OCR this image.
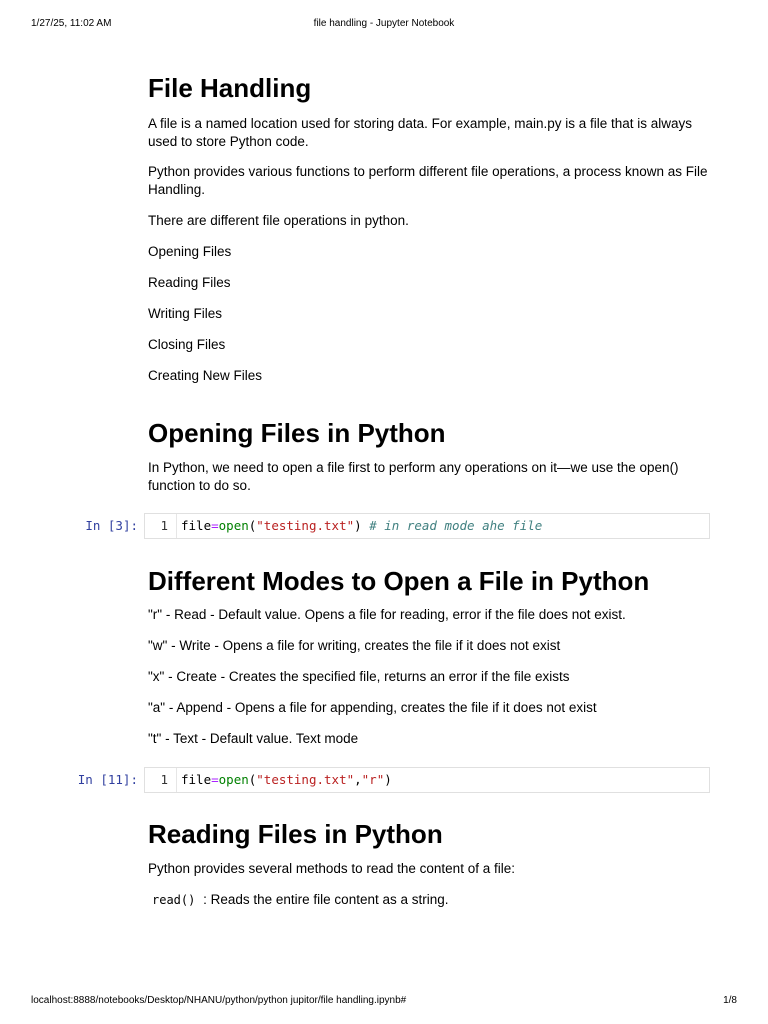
1/27/25, 11:02 AM	file handling - Jupyter Notebook
File Handling

A file is a named location used for storing data. For example, main.py is a file that is always used to store Python code.

Python provides various functions to perform different file operations, a process known as File Handling.

There are different file operations in python.

Opening Files

Reading Files

Writing Files

Closing Files

Creating New Files

Opening Files in Python

In Python, we need to open a file first to perform any operations on it—we use the open() function to do so.

In [3]:	1	file=open("testing.txt") # in read mode ahe file
Different Modes to Open a File in Python

"r" - Read - Default value. Opens a file for reading, error if the file does not exist.

"w" - Write - Opens a file for writing, creates the file if it does not exist

"x" - Create - Creates the specified file, returns an error if the file exists

"a" - Append - Opens a file for appending, creates the file if it does not exist

"t" - Text - Default value. Text mode

In [11]:	1	file=open("testing.txt","r")
Reading Files in Python

Python provides several methods to read the content of a file:

read() : Reads the entire file content as a string.

localhost:8888/notebooks/Desktop/NHANU/python/python jupitor/file handling.ipynb#	1/8
